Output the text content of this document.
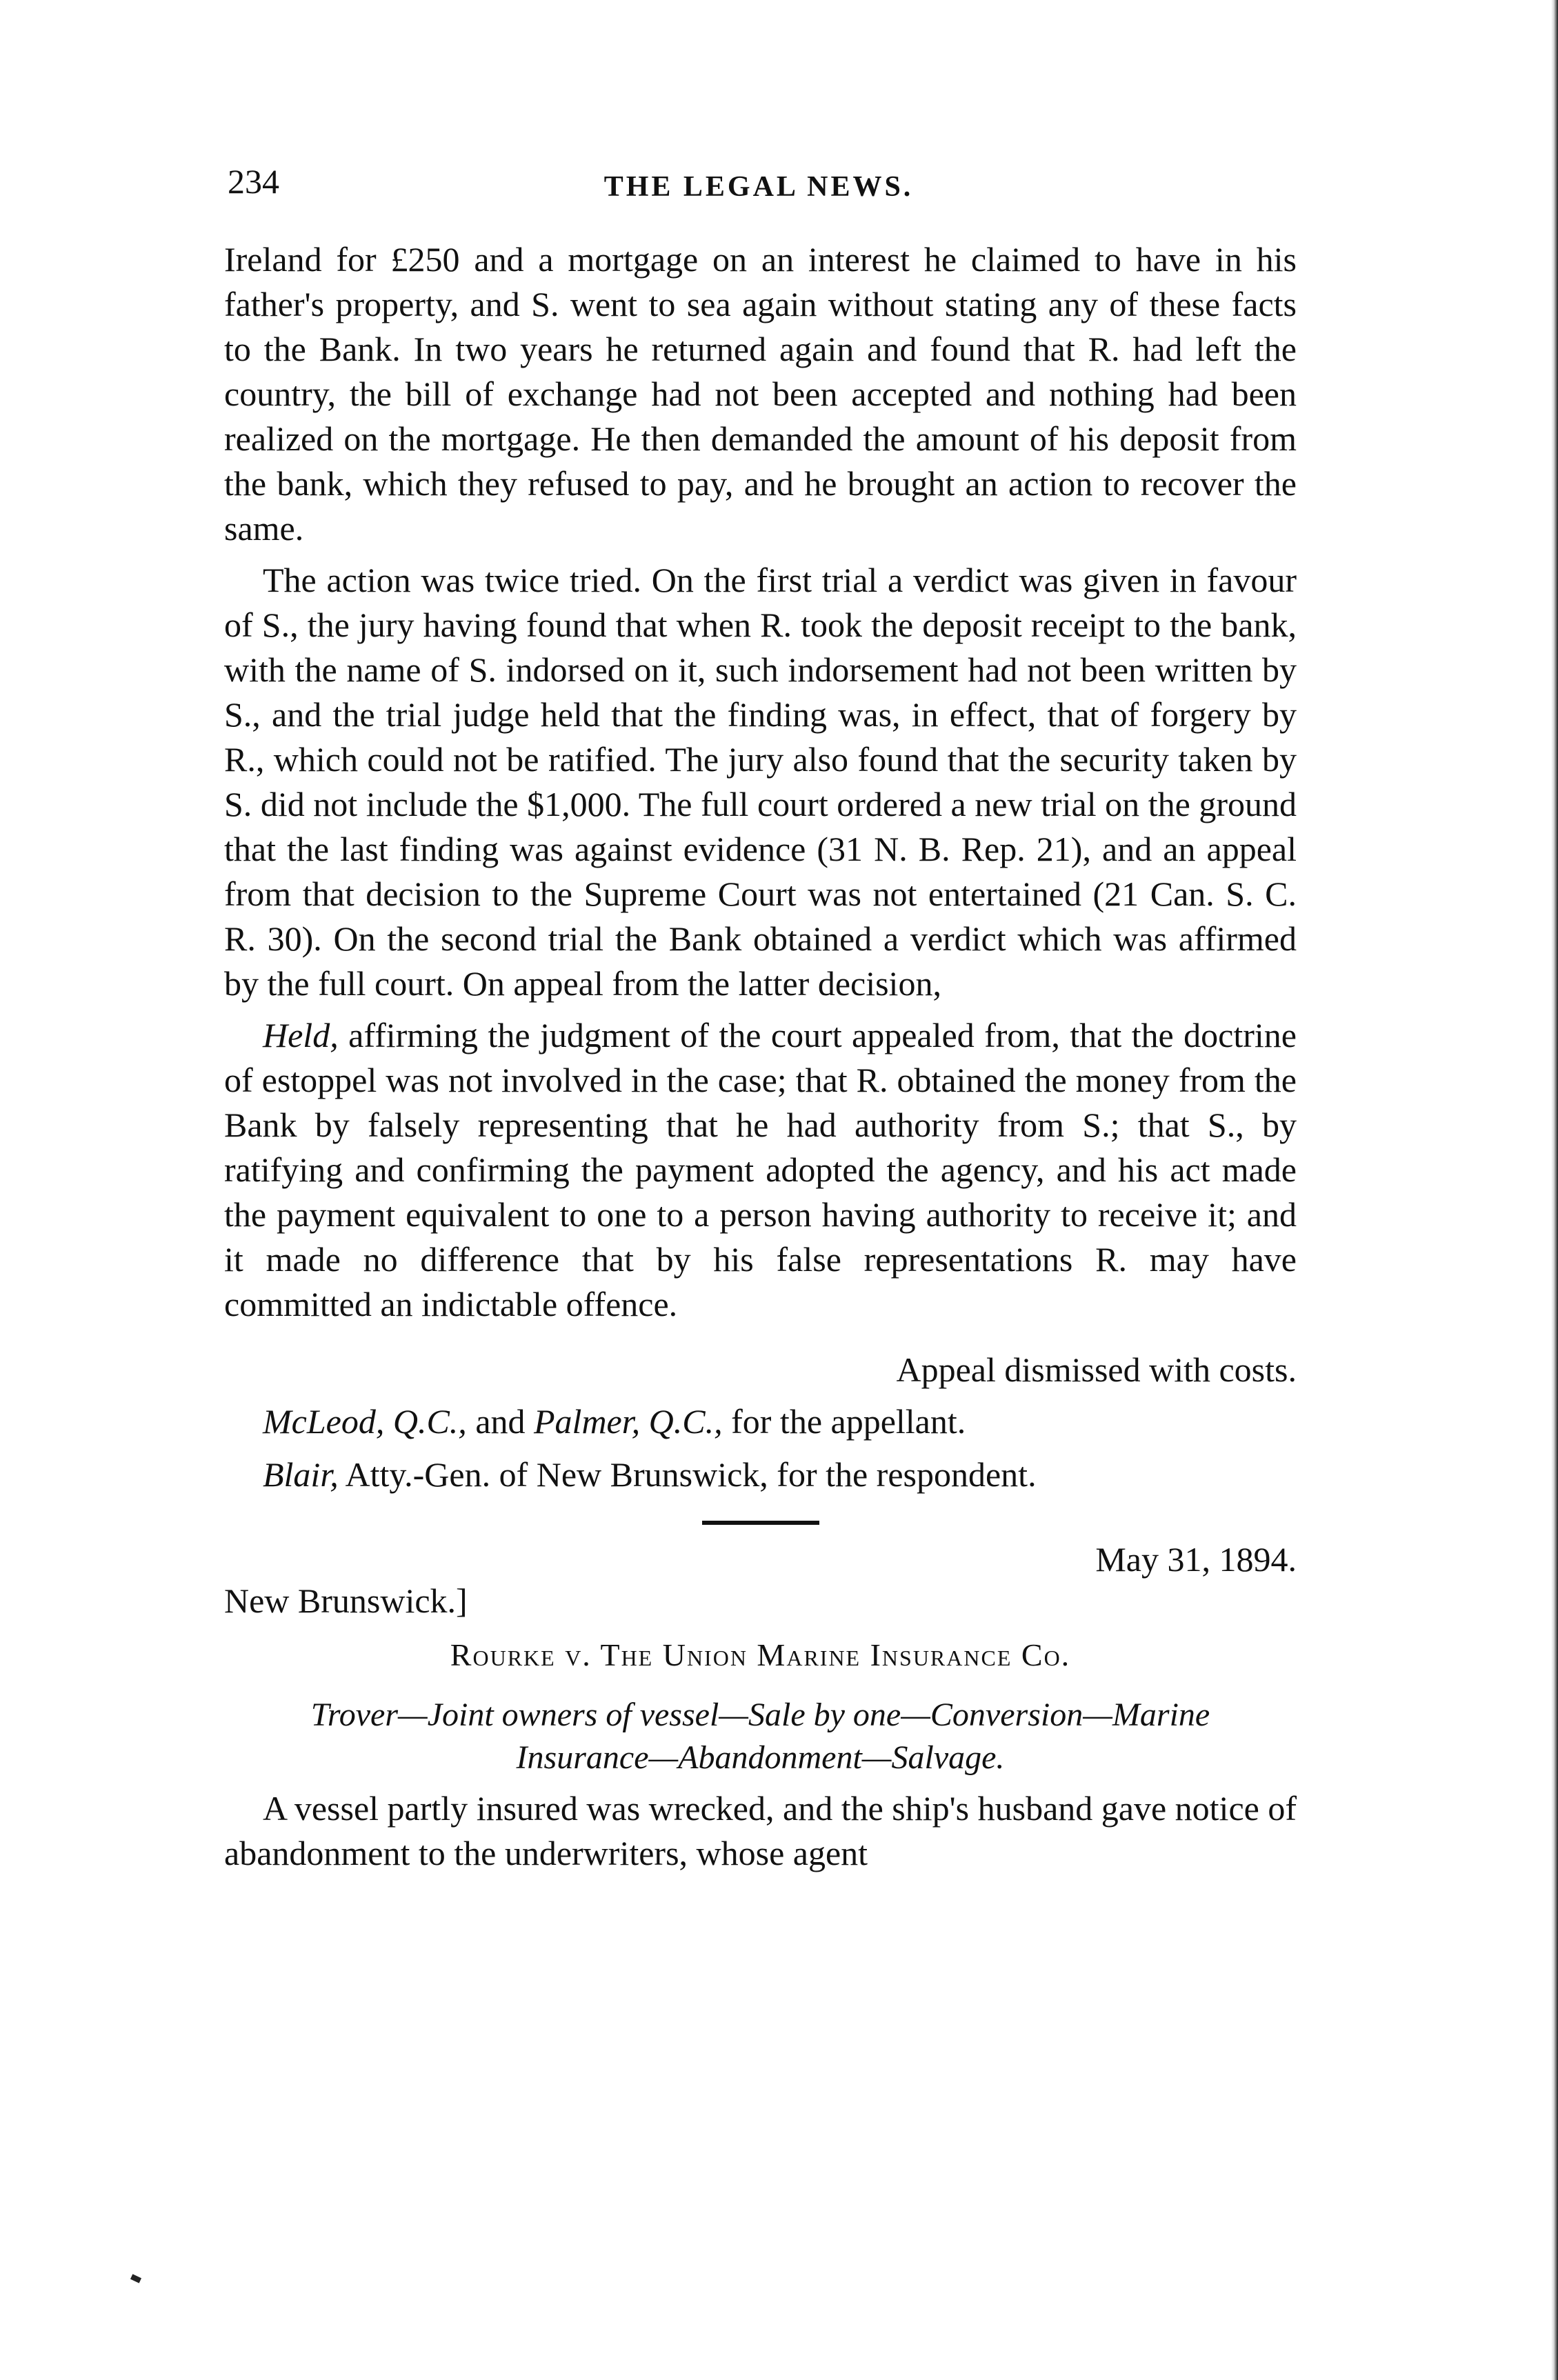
234	THE LEGAL NEWS.

Ireland for £250 and a mortgage on an interest he claimed to have in his father's property, and S. went to sea again without stating any of these facts to the Bank. In two years he returned again and found that R. had left the country, the bill of exchange had not been accepted and nothing had been realized on the mortgage. He then demanded the amount of his deposit from the bank, which they refused to pay, and he brought an action to recover the same.

The action was twice tried. On the first trial a verdict was given in favour of S., the jury having found that when R. took the deposit receipt to the bank, with the name of S. indorsed on it, such indorsement had not been written by S., and the trial judge held that the finding was, in effect, that of forgery by R., which could not be ratified. The jury also found that the security taken by S. did not include the $1,000. The full court ordered a new trial on the ground that the last finding was against evidence (31 N. B. Rep. 21), and an appeal from that decision to the Supreme Court was not entertained (21 Can. S. C. R. 30). On the second trial the Bank obtained a verdict which was affirmed by the full court. On appeal from the latter decision,

Held, affirming the judgment of the court appealed from, that the doctrine of estoppel was not involved in the case; that R. obtained the money from the Bank by falsely representing that he had authority from S.; that S., by ratifying and confirming the payment adopted the agency, and his act made the payment equivalent to one to a person having authority to receive it; and it made no difference that by his false representations R. may have committed an indictable offence.

Appeal dismissed with costs.

McLeod, Q.C., and Palmer, Q.C., for the appellant.

Blair, Atty.-Gen. of New Brunswick, for the respondent.

May 31, 1894.
New Brunswick.]

Rourke v. The Union Marine Insurance Co.

Trover—Joint owners of vessel—Sale by one—Conversion—Marine Insurance—Abandonment—Salvage.

A vessel partly insured was wrecked, and the ship's husband gave notice of abandonment to the underwriters, whose agent
